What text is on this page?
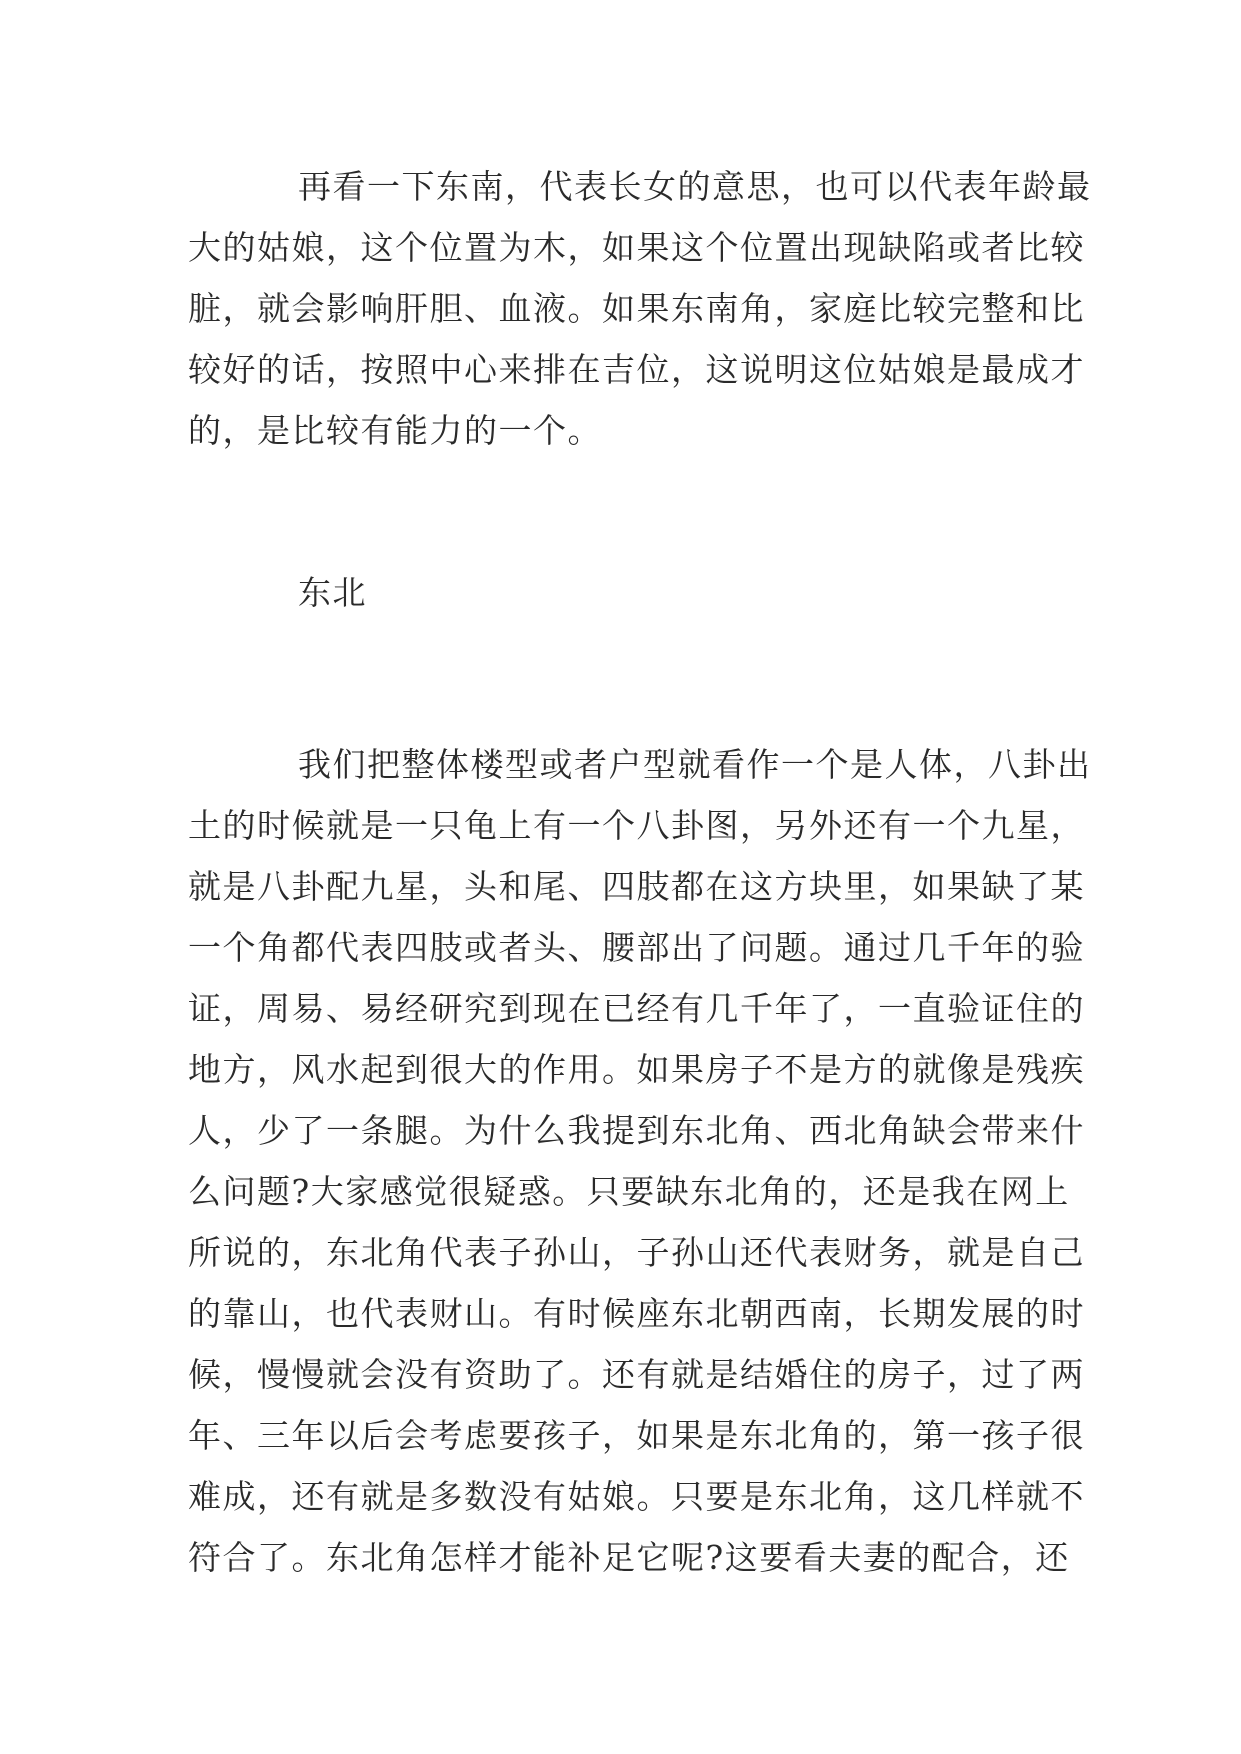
再看一下东南，代表长女的意思，也可以代表年龄最
大的姑娘，这个位置为木，如果这个位置出现缺陷或者比较
脏，就会影响肝胆、血液。如果东南角，家庭比较完整和比
较好的话，按照中心来排在吉位，这说明这位姑娘是最成才
的，是比较有能力的一个。
东北
我们把整体楼型或者户型就看作一个是人体，八卦出
土的时候就是一只龟上有一个八卦图，另外还有一个九星，
就是八卦配九星，头和尾、四肢都在这方块里，如果缺了某
一个角都代表四肢或者头、腰部出了问题。通过几千年的验
证，周易、易经研究到现在已经有几千年了，一直验证住的
地方，风水起到很大的作用。如果房子不是方的就像是残疾
人，少了一条腿。为什么我提到东北角、西北角缺会带来什
么问题?大家感觉很疑惑。只要缺东北角的，还是我在网上
所说的，东北角代表子孙山，子孙山还代表财务，就是自己
的靠山，也代表财山。有时候座东北朝西南，长期发展的时
候，慢慢就会没有资助了。还有就是结婚住的房子，过了两
年、三年以后会考虑要孩子，如果是东北角的，第一孩子很
难成，还有就是多数没有姑娘。只要是东北角，这几样就不
符合了。东北角怎样才能补足它呢?这要看夫妻的配合，还
